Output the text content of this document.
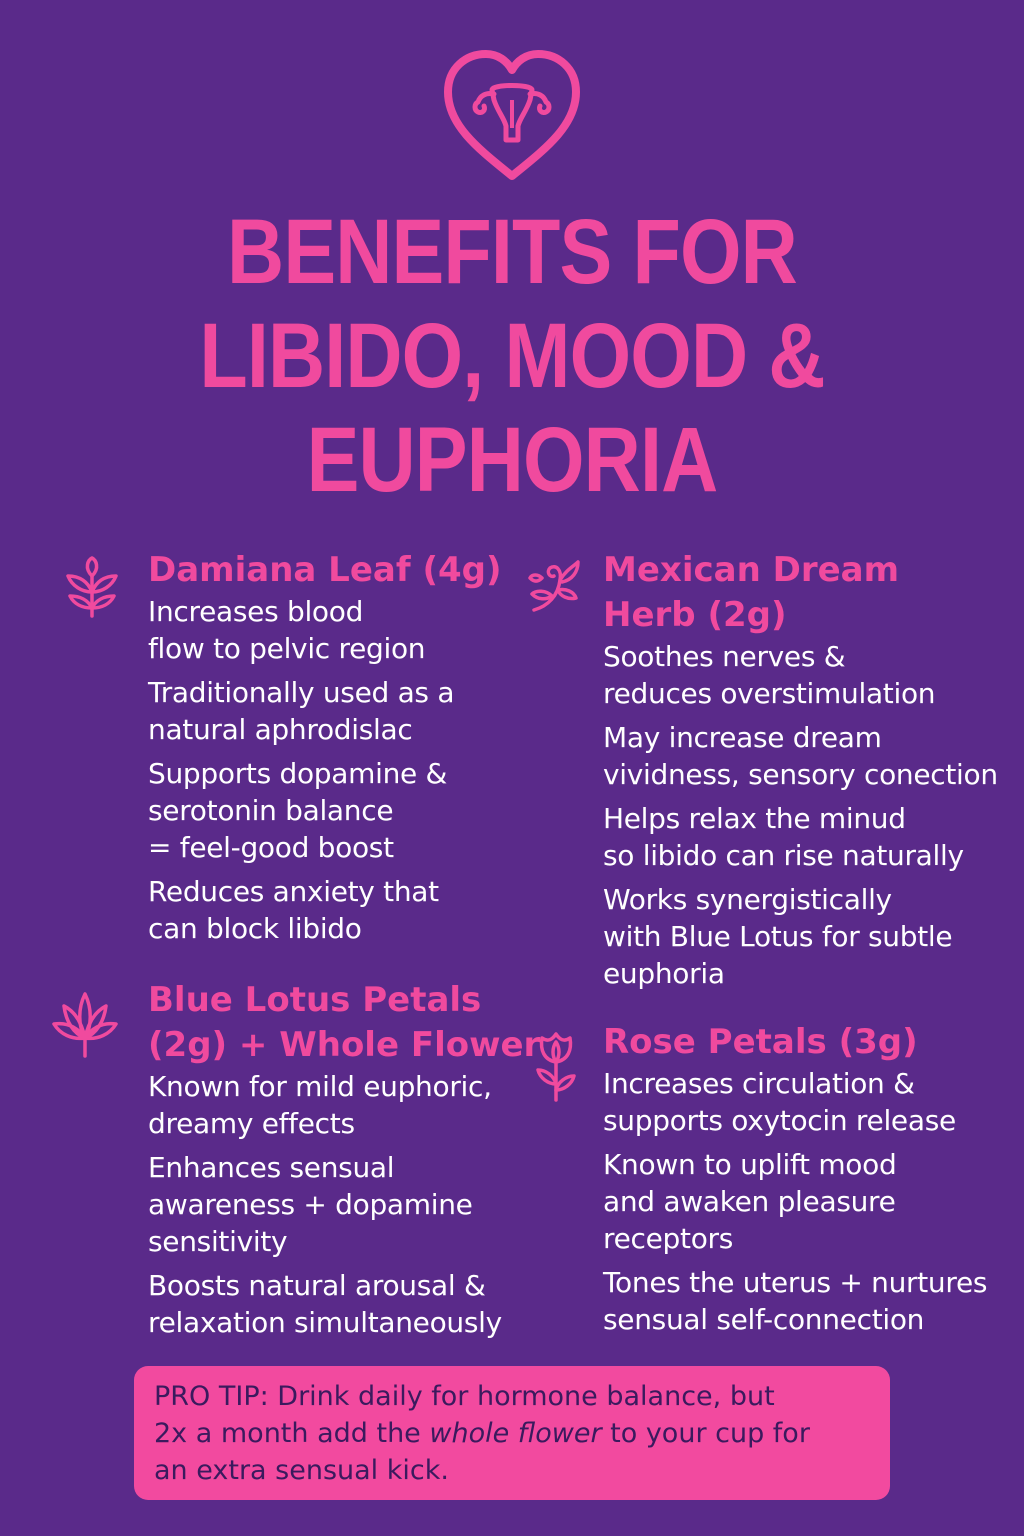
BENEFITS FOR
LIBIDO, MOOD &
EUPHORIA
Damiana Leaf (4g)
Increases blood
flow to pelvic region
Traditionally used as a
natural aphrodislac
Supports dopamine &
serotonin balance
= feel-good boost
Reduces anxiety that
can block libido
Blue Lotus Petals
(2g) + Whole Flower
Known for mild euphoric,
dreamy effects
Enhances sensual
awareness + dopamine
sensitivity
Boosts natural arousal &
relaxation simultaneously
Mexican Dream
Herb (2g)
Soothes nerves &
reduces overstimulation
May increase dream
vividness, sensory conection
Helps relax the minud
so libido can rise naturally
Works synergistically
with Blue Lotus for subtle
euphoria
Rose Petals (3g)
Increases circulation &
supports oxytocin release
Known to uplift mood
and awaken pleasure
receptors
Tones the uterus + nurtures
sensual self-connection
PRO TIP: Drink daily for hormone balance, but
2x a month add the whole flower to your cup for
an extra sensual kick.
